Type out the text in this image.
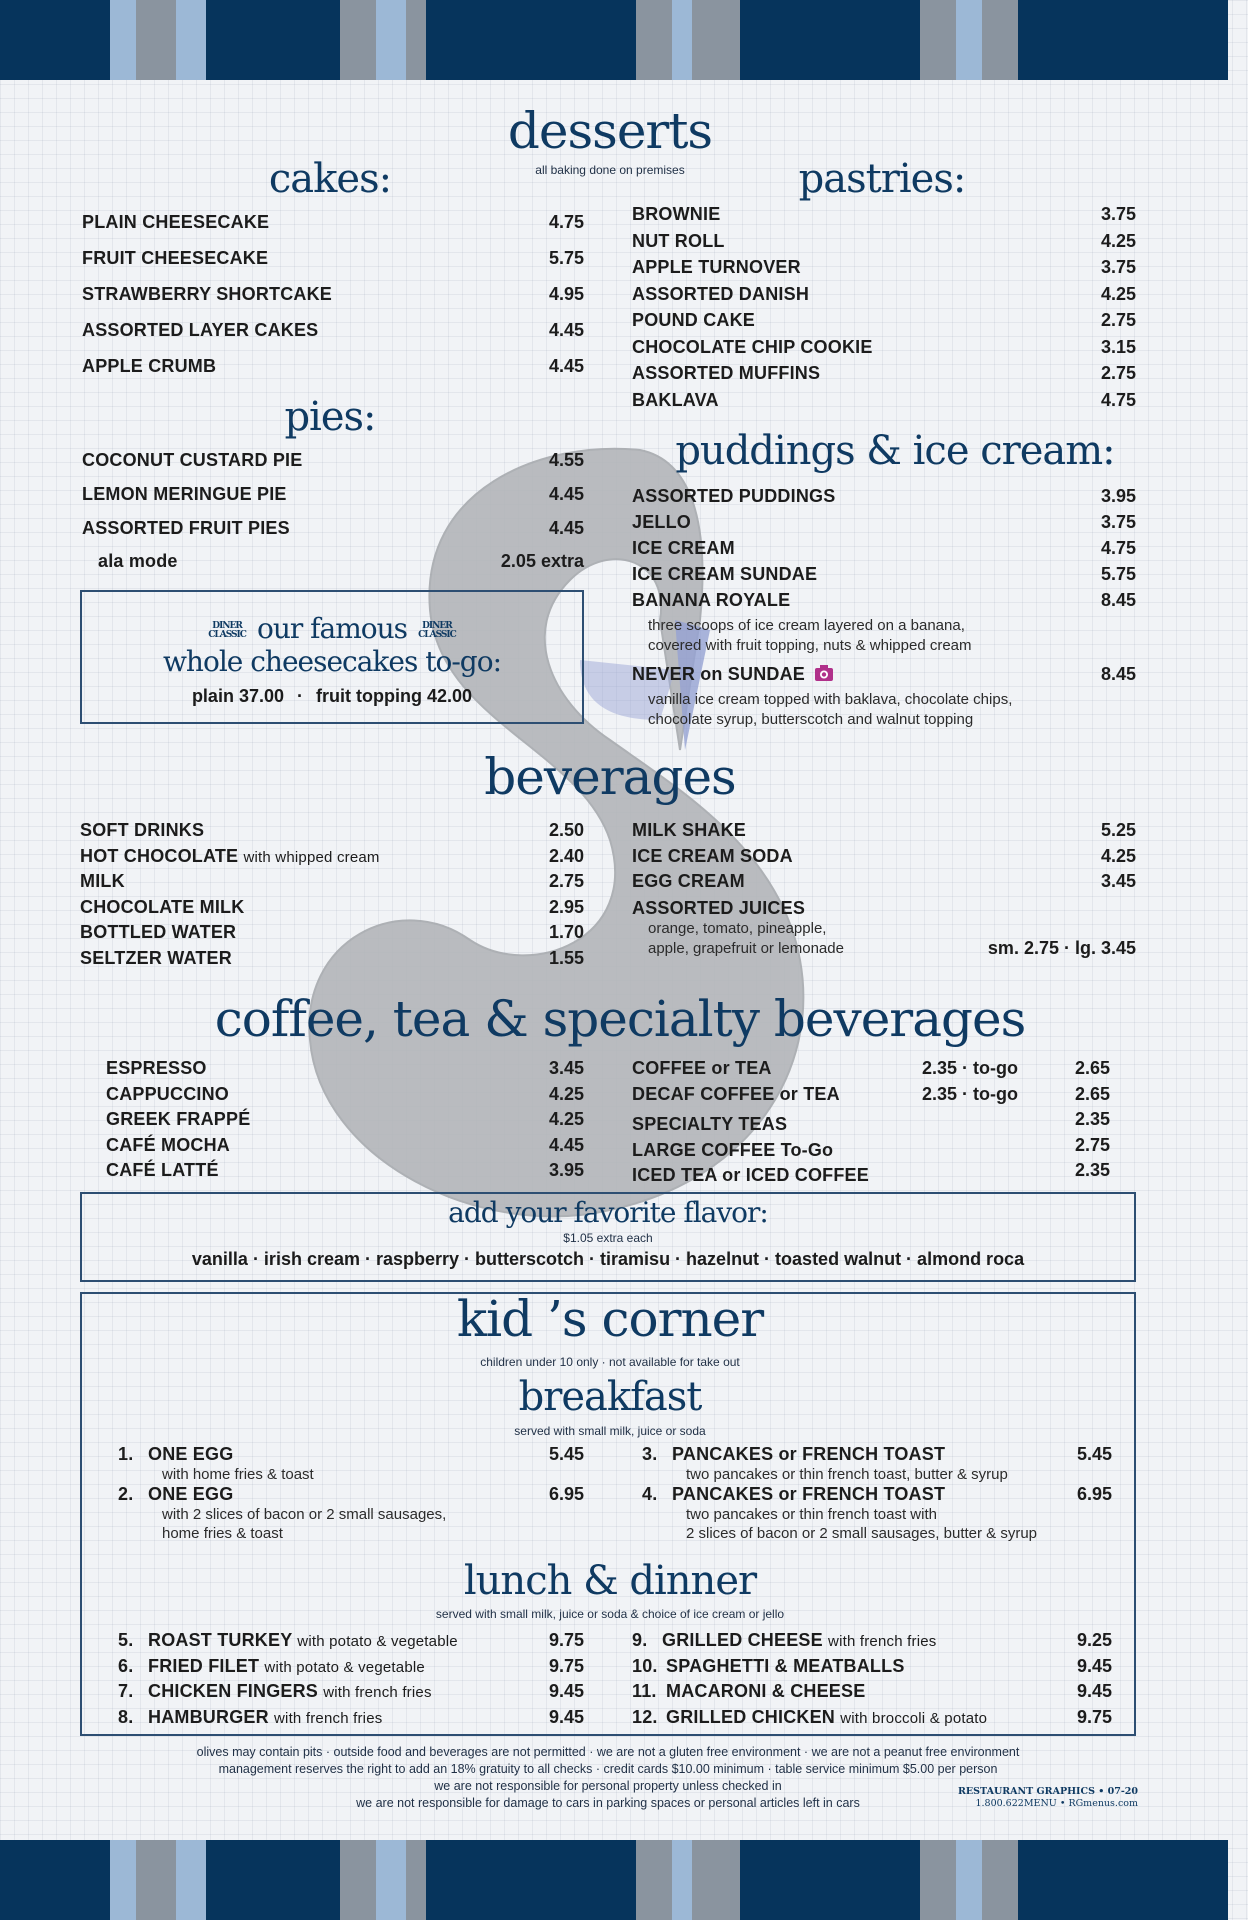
desserts
all baking done on premises
cakes:
PLAIN CHEESECAKE	4.75
FRUIT CHEESECAKE	5.75
STRAWBERRY SHORTCAKE	4.95
ASSORTED LAYER CAKES	4.45
APPLE CRUMB	4.45
pies:
COCONUT CUSTARD PIE	4.55
LEMON MERINGUE PIE	4.45
ASSORTED FRUIT PIES	4.45
ala mode	2.05 extra
DINER CLASSIC our famous DINER CLASSIC
whole cheesecakes to-go:
plain 37.00 · fruit topping 42.00
pastries:
BROWNIE	3.75
NUT ROLL	4.25
APPLE TURNOVER	3.75
ASSORTED DANISH	4.25
POUND CAKE	2.75
CHOCOLATE CHIP COOKIE	3.15
ASSORTED MUFFINS	2.75
BAKLAVA	4.75
puddings & ice cream:
ASSORTED PUDDINGS	3.95
JELLO	3.75
ICE CREAM	4.75
ICE CREAM SUNDAE	5.75
BANANA ROYALE	8.45
three scoops of ice cream layered on a banana,
covered with fruit topping, nuts & whipped cream
NEVER on SUNDAE	8.45
vanilla ice cream topped with baklava, chocolate chips,
chocolate syrup, butterscotch and walnut topping
beverages
SOFT DRINKS	2.50
HOT CHOCOLATE with whipped cream	2.40
MILK	2.75
CHOCOLATE MILK	2.95
BOTTLED WATER	1.70
SELTZER WATER	1.55
MILK SHAKE	5.25
ICE CREAM SODA	4.25
EGG CREAM	3.45
ASSORTED JUICES
orange, tomato, pineapple,
apple, grapefruit or lemonade	sm. 2.75 · lg. 3.45
coffee, tea & specialty beverages
ESPRESSO	3.45
CAPPUCCINO	4.25
GREEK FRAPPÉ	4.25
CAFÉ MOCHA	4.45
CAFÉ LATTÉ	3.95
COFFEE or TEA	2.35 · to-go	2.65
DECAF COFFEE or TEA	2.35 · to-go	2.65
SPECIALTY TEAS	2.35
LARGE COFFEE To-Go	2.75
ICED TEA or ICED COFFEE	2.35
add your favorite flavor:
$1.05 extra each
vanilla · irish cream · raspberry · butterscotch · tiramisu · hazelnut · toasted walnut · almond roca
kid ’s corner
children under 10 only · not available for take out
breakfast
served with small milk, juice or soda
1. ONE EGG	5.45
with home fries & toast
2. ONE EGG	6.95
with 2 slices of bacon or 2 small sausages,
home fries & toast
3. PANCAKES or FRENCH TOAST	5.45
two pancakes or thin french toast, butter & syrup
4. PANCAKES or FRENCH TOAST	6.95
two pancakes or thin french toast with
2 slices of bacon or 2 small sausages, butter & syrup
lunch & dinner
served with small milk, juice or soda & choice of ice cream or jello
5. ROAST TURKEY with potato & vegetable	9.75
6. FRIED FILET with potato & vegetable	9.75
7. CHICKEN FINGERS with french fries	9.45
8. HAMBURGER with french fries	9.45
9. GRILLED CHEESE with french fries	9.25
10. SPAGHETTI & MEATBALLS	9.45
11. MACARONI & CHEESE	9.45
12. GRILLED CHICKEN with broccoli & potato	9.75
olives may contain pits · outside food and beverages are not permitted · we are not a gluten free environment · we are not a peanut free environment
management reserves the right to add an 18% gratuity to all checks · credit cards $10.00 minimum · table service minimum $5.00 per person
we are not responsible for personal property unless checked in
we are not responsible for damage to cars in parking spaces or personal articles left in cars
RESTAURANT GRAPHICS • 07-20
1.800.622MENU • RGmenus.com
